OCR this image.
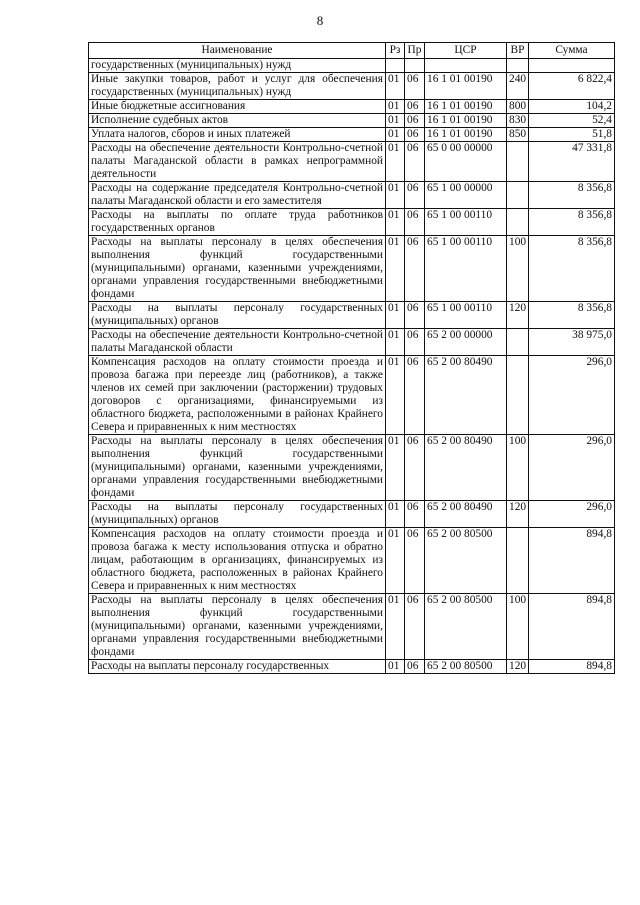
8
Наименование	Рз	Пр	ЦСР	ВР	Сумма
государственных (муниципальных) нужд					
Иные закупки товаров, работ и услуг для обеспечения государственных (муниципальных) нужд	01	06	16 1 01 00190	240	6 822,4
Иные бюджетные ассигнования	01	06	16 1 01 00190	800	104,2
Исполнение судебных актов	01	06	16 1 01 00190	830	52,4
Уплата налогов, сборов и иных платежей	01	06	16 1 01 00190	850	51,8
Расходы на обеспечение деятельности Контрольно-счетной палаты Магаданской области в рамках непрограммной деятельности	01	06	65 0 00 00000		47 331,8
Расходы на содержание председателя Контрольно-счетной палаты Магаданской области и его заместителя	01	06	65 1 00 00000		8 356,8
Расходы на выплаты по оплате труда работников государственных органов	01	06	65 1 00 00110		8 356,8
Расходы на выплаты персоналу в целях обеспечения выполнения функций государственными (муниципальными) органами, казенными учреждениями, органами управления государственными внебюджетными фондами	01	06	65 1 00 00110	100	8 356,8
Расходы на выплаты персоналу государственных (муниципальных) органов	01	06	65 1 00 00110	120	8 356,8
Расходы на обеспечение деятельности Контрольно-счетной палаты Магаданской области	01	06	65 2 00 00000		38 975,0
Компенсация расходов на оплату стоимости проезда и провоза багажа при переезде лиц (работников), а также членов их семей при заключении (расторжении) трудовых договоров с организациями, финансируемыми из областного бюджета, расположенными в районах Крайнего Севера и приравненных к ним местностях	01	06	65 2 00 80490		296,0
Расходы на выплаты персоналу в целях обеспечения выполнения функций государственными (муниципальными) органами, казенными учреждениями, органами управления государственными внебюджетными фондами	01	06	65 2 00 80490	100	296,0
Расходы на выплаты персоналу государственных (муниципальных) органов	01	06	65 2 00 80490	120	296,0
Компенсация расходов на оплату стоимости проезда и провоза багажа к месту использования отпуска и обратно лицам, работающим в организациях, финансируемых из областного бюджета, расположенных в районах Крайнего Севера и приравненных к ним местностях	01	06	65 2 00 80500		894,8
Расходы на выплаты персоналу в целях обеспечения выполнения функций государственными (муниципальными) органами, казенными учреждениями, органами управления государственными внебюджетными фондами	01	06	65 2 00 80500	100	894,8
Расходы на выплаты персоналу государственных	01	06	65 2 00 80500	120	894,8
